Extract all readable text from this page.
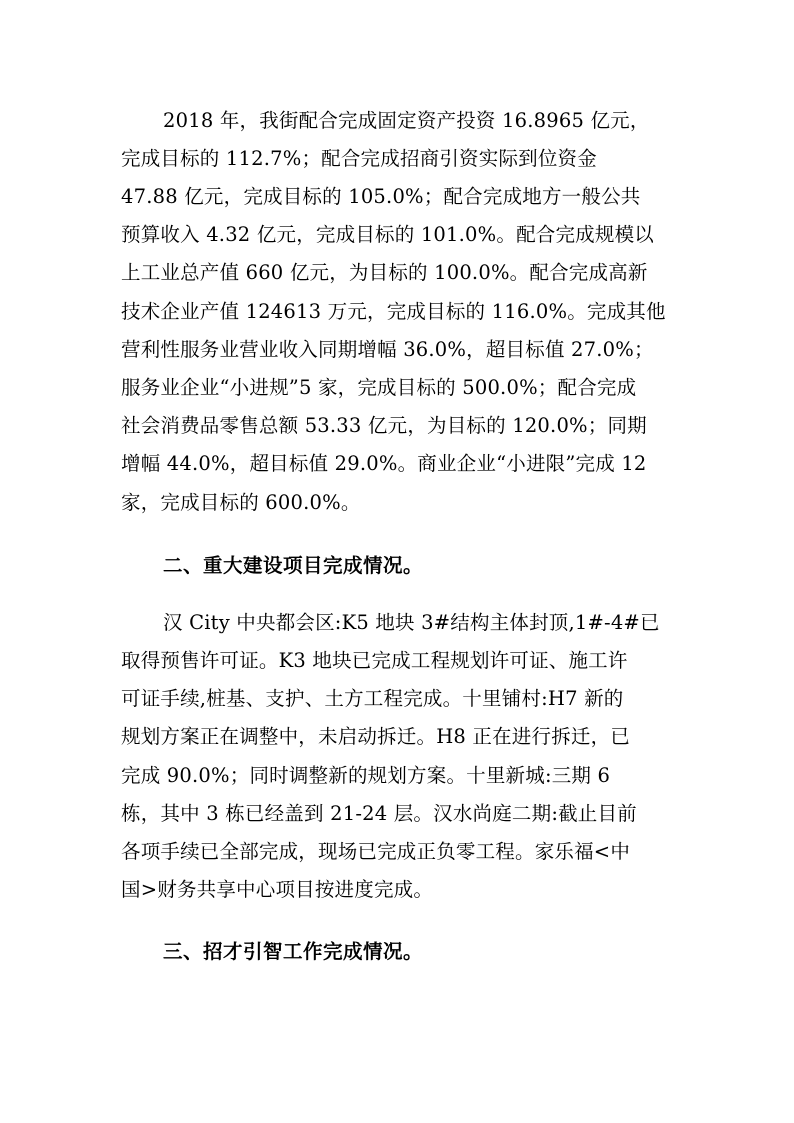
2018 年，我街配合完成固定资产投资 16.8965 亿元，
完成目标的 112.7%；配合完成招商引资实际到位资金
47.88 亿元，完成目标的 105.0%；配合完成地方一般公共
预算收入 4.32 亿元，完成目标的 101.0%。配合完成规模以
上工业总产值 660 亿元，为目标的 100.0%。配合完成高新
技术企业产值 124613 万元，完成目标的 116.0%。完成其他
营利性服务业营业收入同期增幅 36.0%，超目标值 27.0%；
服务业企业“小进规”5 家，完成目标的 500.0%；配合完成
社会消费品零售总额 53.33 亿元，为目标的 120.0%；同期
增幅 44.0%，超目标值 29.0%。商业企业“小进限”完成 12
家，完成目标的 600.0%。
二、重大建设项目完成情况。
汉 City 中央都会区:K5 地块 3#结构主体封顶,1#-4#已
取得预售许可证。K3 地块已完成工程规划许可证、施工许
可证手续,桩基、支护、土方工程完成。十里铺村:H7 新的
规划方案正在调整中，未启动拆迁。H8 正在进行拆迁，已
完成 90.0%；同时调整新的规划方案。十里新城:三期 6
栋，其中 3 栋已经盖到 21-24 层。汉水尚庭二期:截止目前
各项手续已全部完成，现场已完成正负零工程。家乐福<中
国>财务共享中心项目按进度完成。
三、招才引智工作完成情况。
